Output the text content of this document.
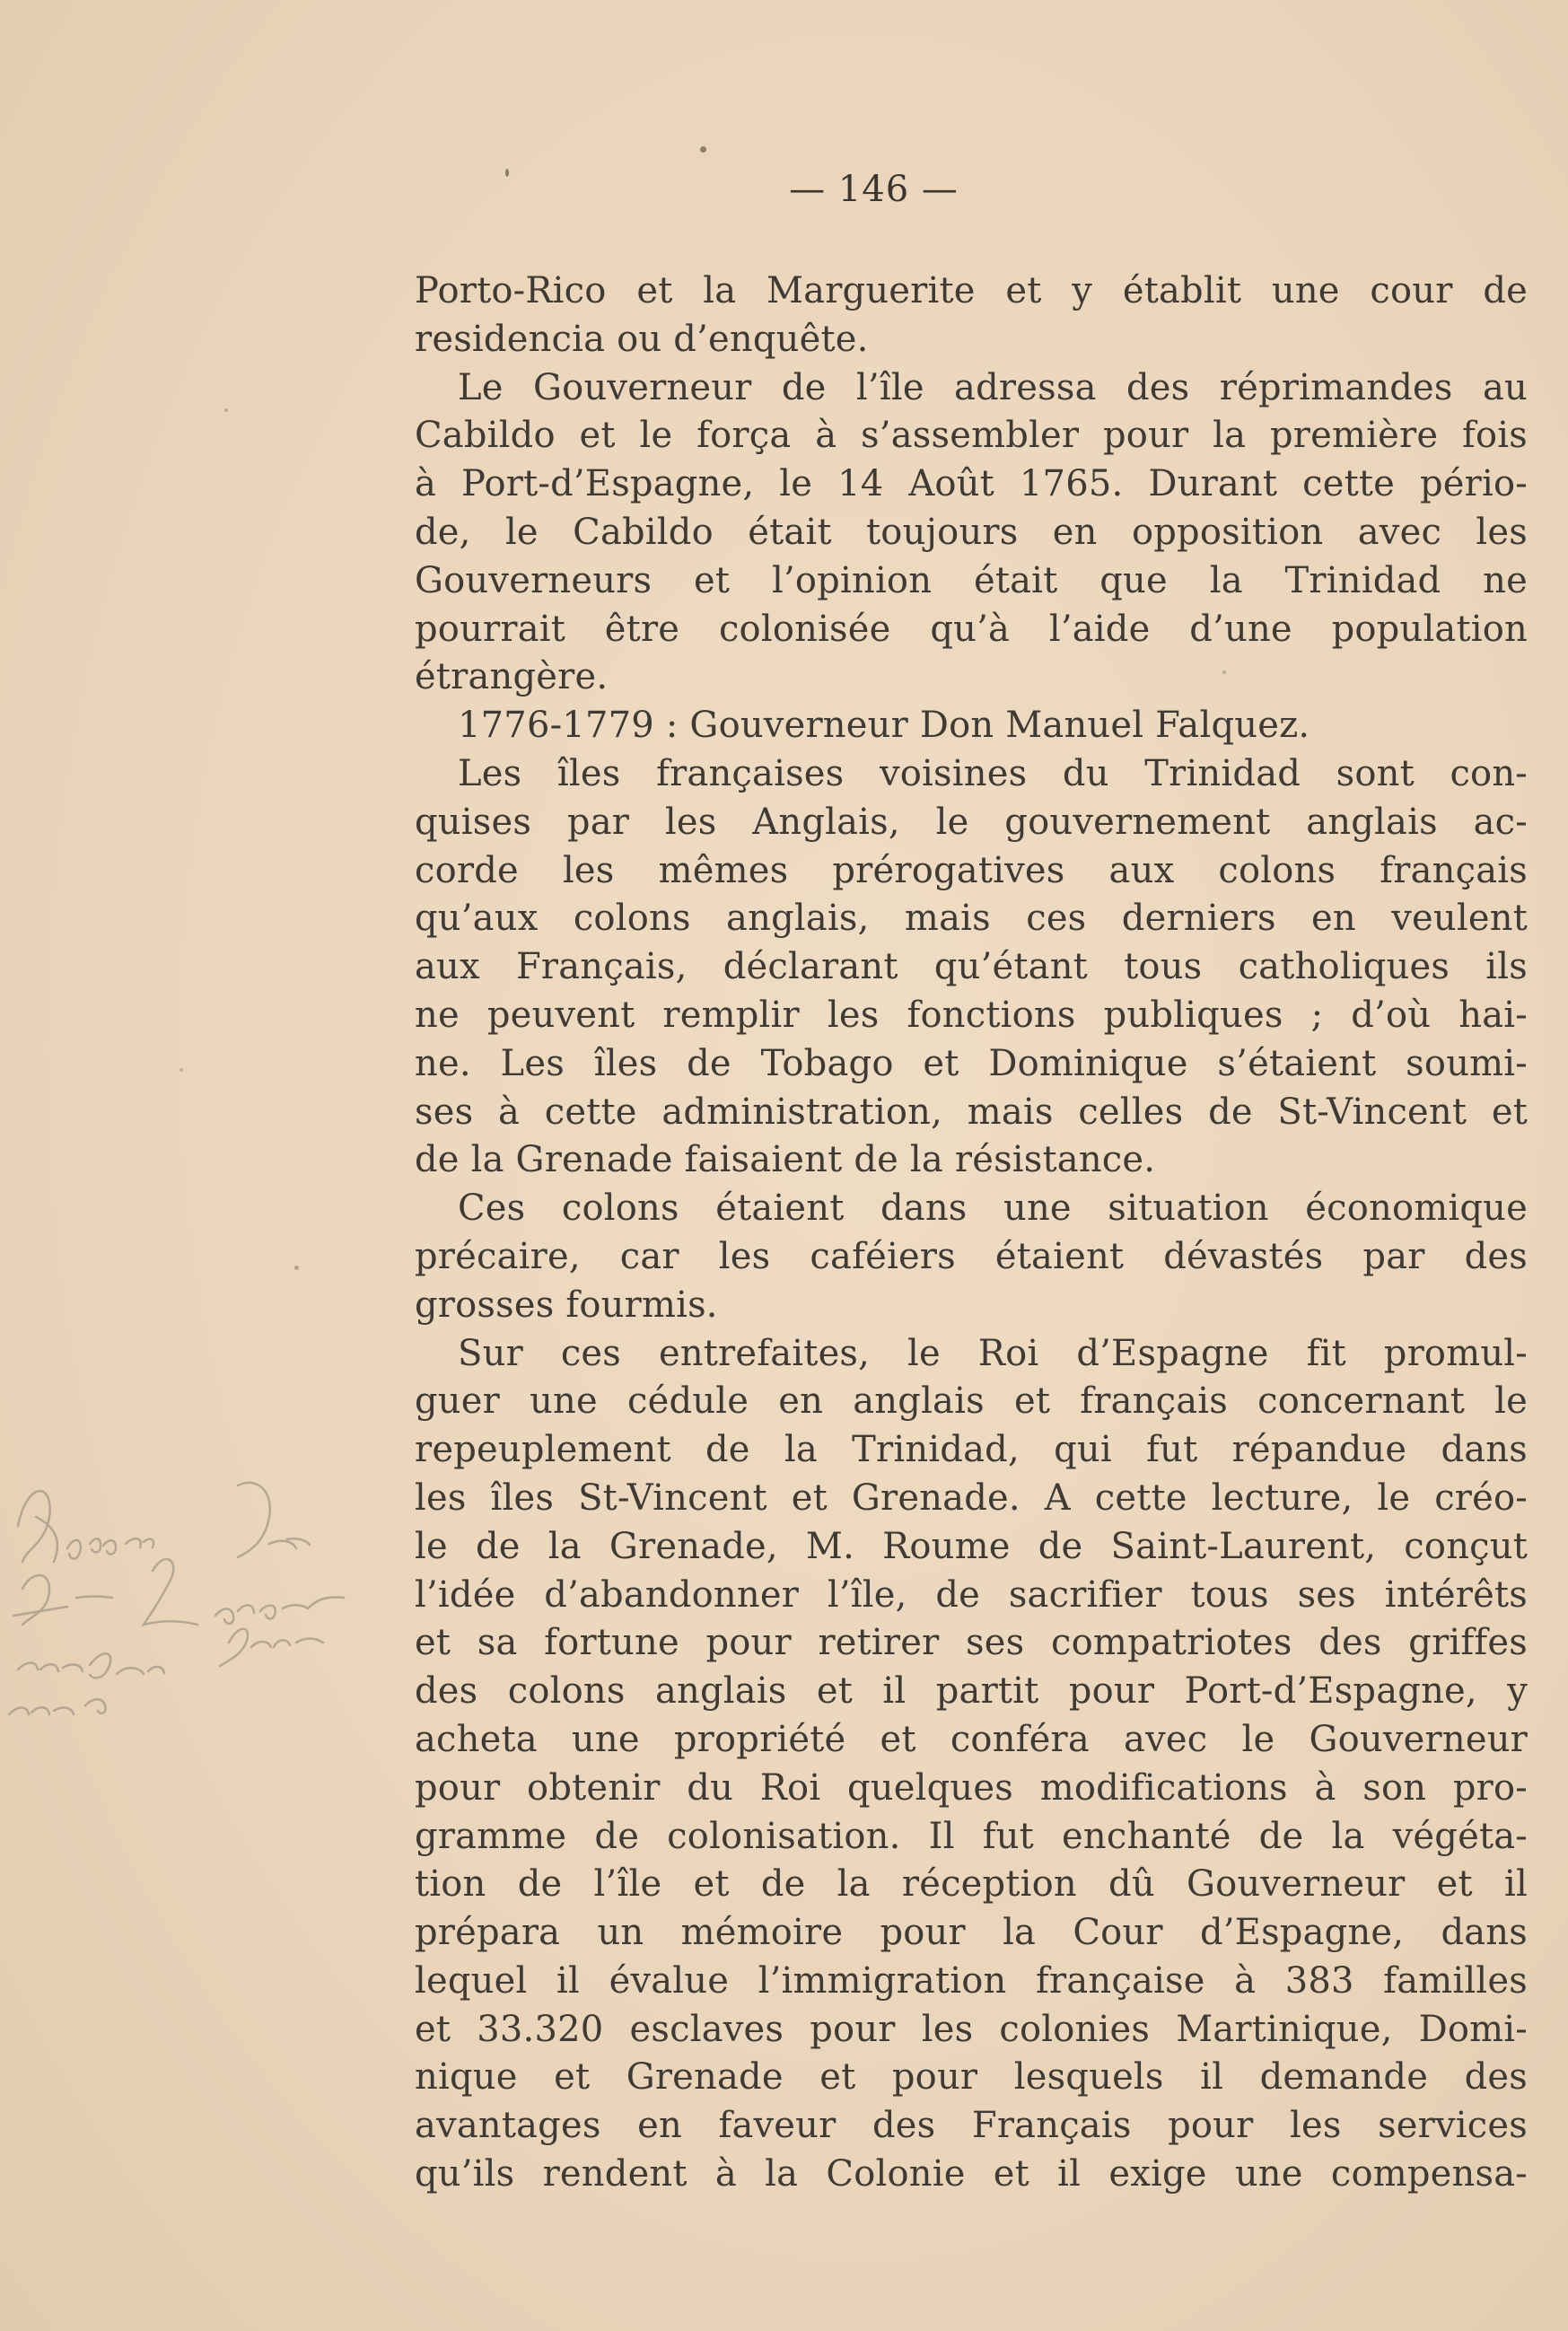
— 146 —
Porto-Rico et la Marguerite et y établit une cour de
residencia ou d’enquête.
Le Gouverneur de l’île adressa des réprimandes au
Cabildo et le força à s’assembler pour la première fois
à Port-d’Espagne, le 14 Août 1765. Durant cette pério-
de, le Cabildo était toujours en opposition avec les
Gouverneurs et l’opinion était que la Trinidad ne
pourrait être colonisée qu’à l’aide d’une population
étrangère.
1776-1779 : Gouverneur Don Manuel Falquez.
Les îles françaises voisines du Trinidad sont con-
quises par les Anglais, le gouvernement anglais ac-
corde les mêmes prérogatives aux colons français
qu’aux colons anglais, mais ces derniers en veulent
aux Français, déclarant qu’étant tous catholiques ils
ne peuvent remplir les fonctions publiques ; d’où hai-
ne. Les îles de Tobago et Dominique s’étaient soumi-
ses à cette administration, mais celles de St-Vincent et
de la Grenade faisaient de la résistance.
Ces colons étaient dans une situation économique
précaire, car les caféiers étaient dévastés par des
grosses fourmis.
Sur ces entrefaites, le Roi d’Espagne fit promul-
guer une cédule en anglais et français concernant le
repeuplement de la Trinidad, qui fut répandue dans
les îles St-Vincent et Grenade. A cette lecture, le créo-
le de la Grenade, M. Roume de Saint-Laurent, conçut
l’idée d’abandonner l’île, de sacrifier tous ses intérêts
et sa fortune pour retirer ses compatriotes des griffes
des colons anglais et il partit pour Port-d’Espagne, y
acheta une propriété et conféra avec le Gouverneur
pour obtenir du Roi quelques modifications à son pro-
gramme de colonisation. Il fut enchanté de la végéta-
tion de l’île et de la réception dû Gouverneur et il
prépara un mémoire pour la Cour d’Espagne, dans
lequel il évalue l’immigration française à 383 familles
et 33.320 esclaves pour les colonies Martinique, Domi-
nique et Grenade et pour lesquels il demande des
avantages en faveur des Français pour les services
qu’ils rendent à la Colonie et il exige une compensa-
